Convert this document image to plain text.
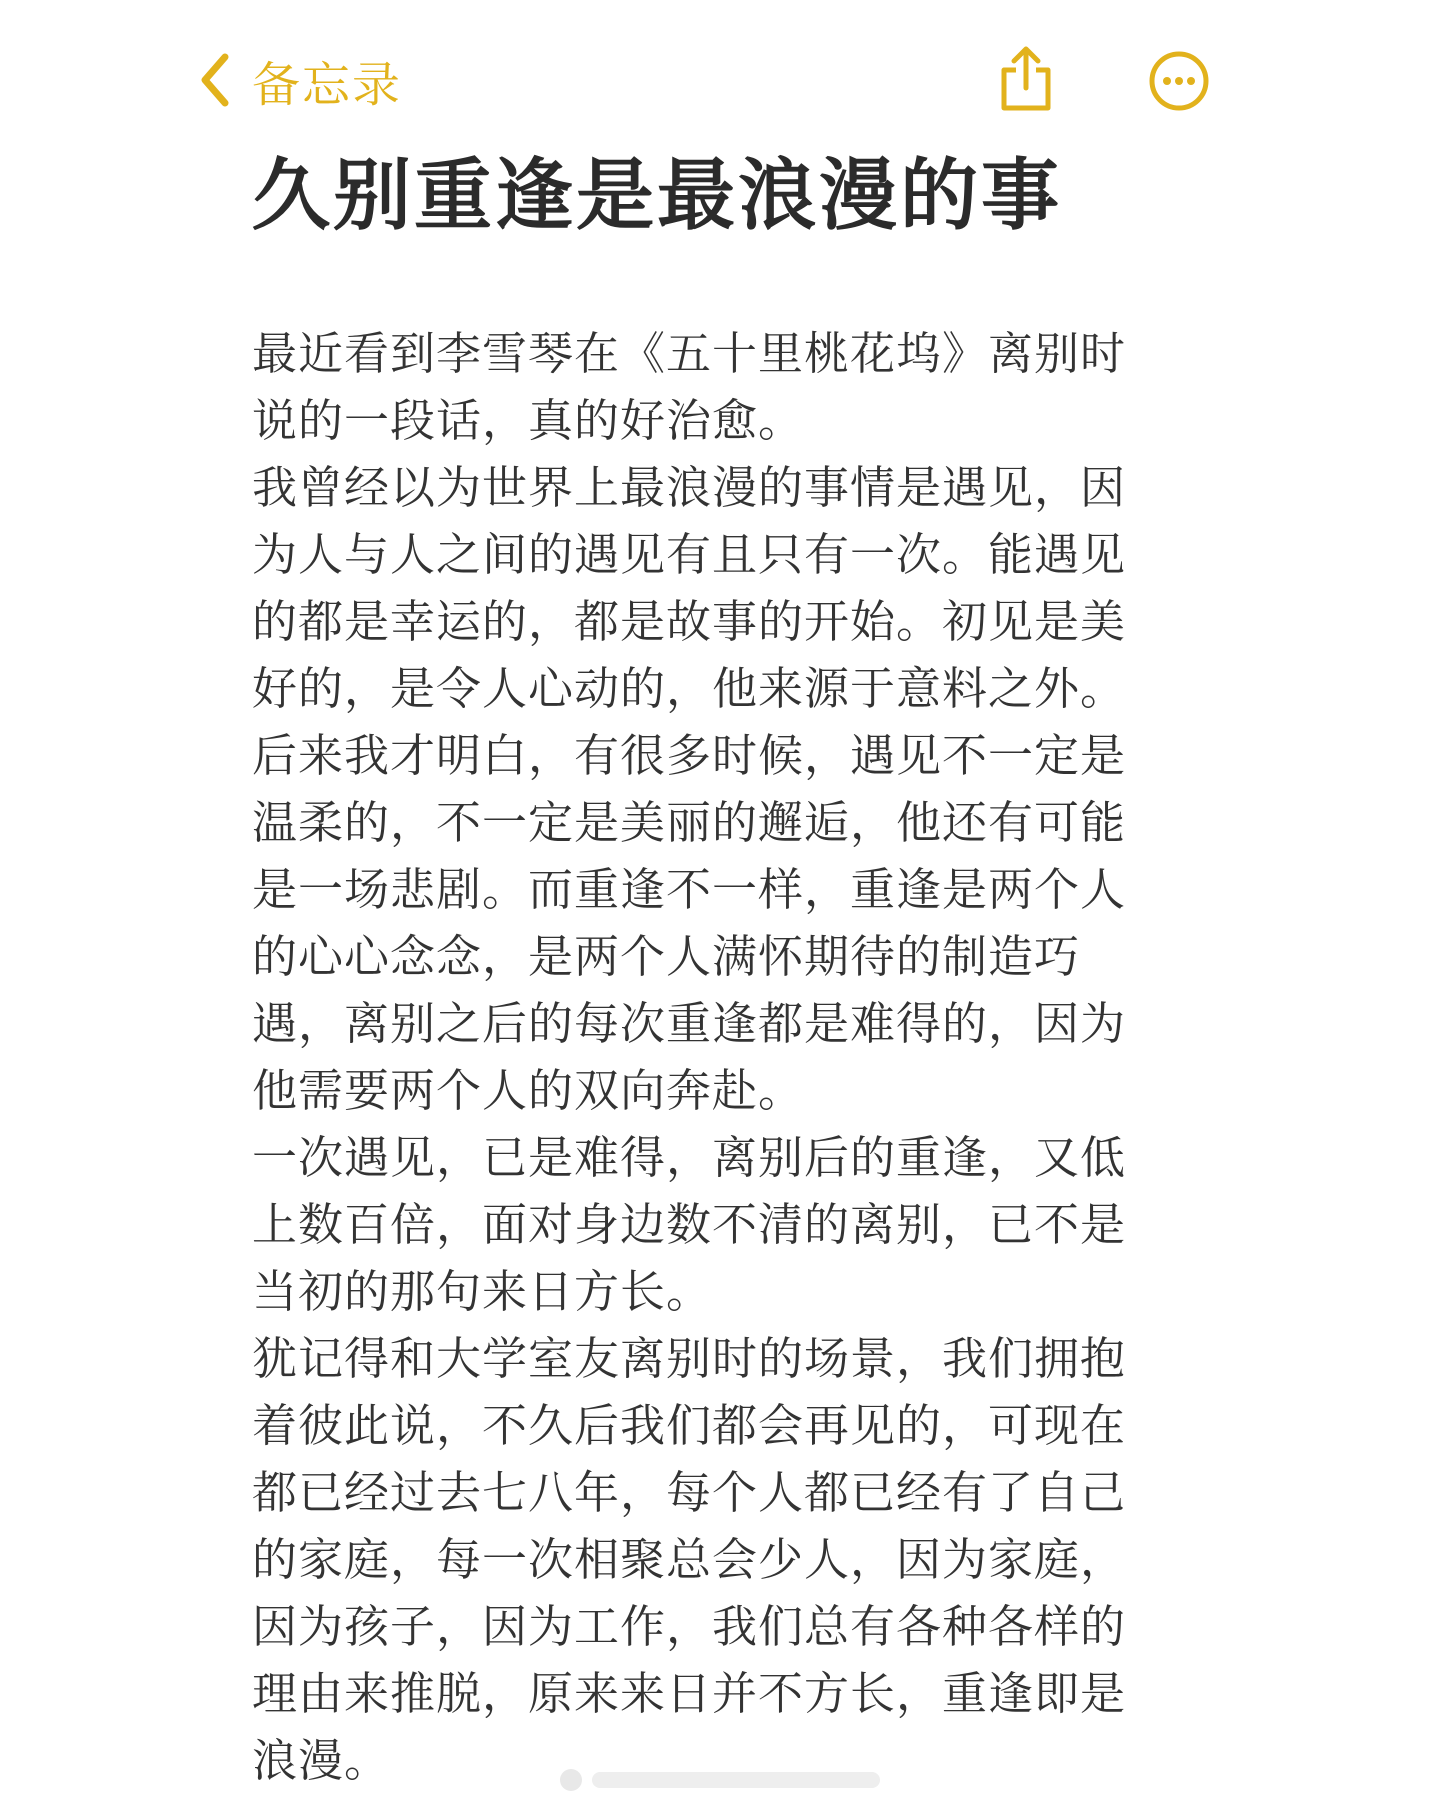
备忘录
久别重逢是最浪漫的事
最近看到李雪琴在《五十里桃花坞》离别时
说的一段话，真的好治愈。
我曾经以为世界上最浪漫的事情是遇见，因
为人与人之间的遇见有且只有一次。能遇见
的都是幸运的，都是故事的开始。初见是美
好的，是令人心动的，他来源于意料之外。
后来我才明白，有很多时候，遇见不一定是
温柔的，不一定是美丽的邂逅，他还有可能
是一场悲剧。而重逢不一样，重逢是两个人
的心心念念，是两个人满怀期待的制造巧
遇，离别之后的每次重逢都是难得的，因为
他需要两个人的双向奔赴。
一次遇见，已是难得，离别后的重逢，又低
上数百倍，面对身边数不清的离别，已不是
当初的那句来日方长。
犹记得和大学室友离别时的场景，我们拥抱
着彼此说，不久后我们都会再见的，可现在
都已经过去七八年，每个人都已经有了自己
的家庭，每一次相聚总会少人，因为家庭，
因为孩子，因为工作，我们总有各种各样的
理由来推脱，原来来日并不方长，重逢即是
浪漫。
